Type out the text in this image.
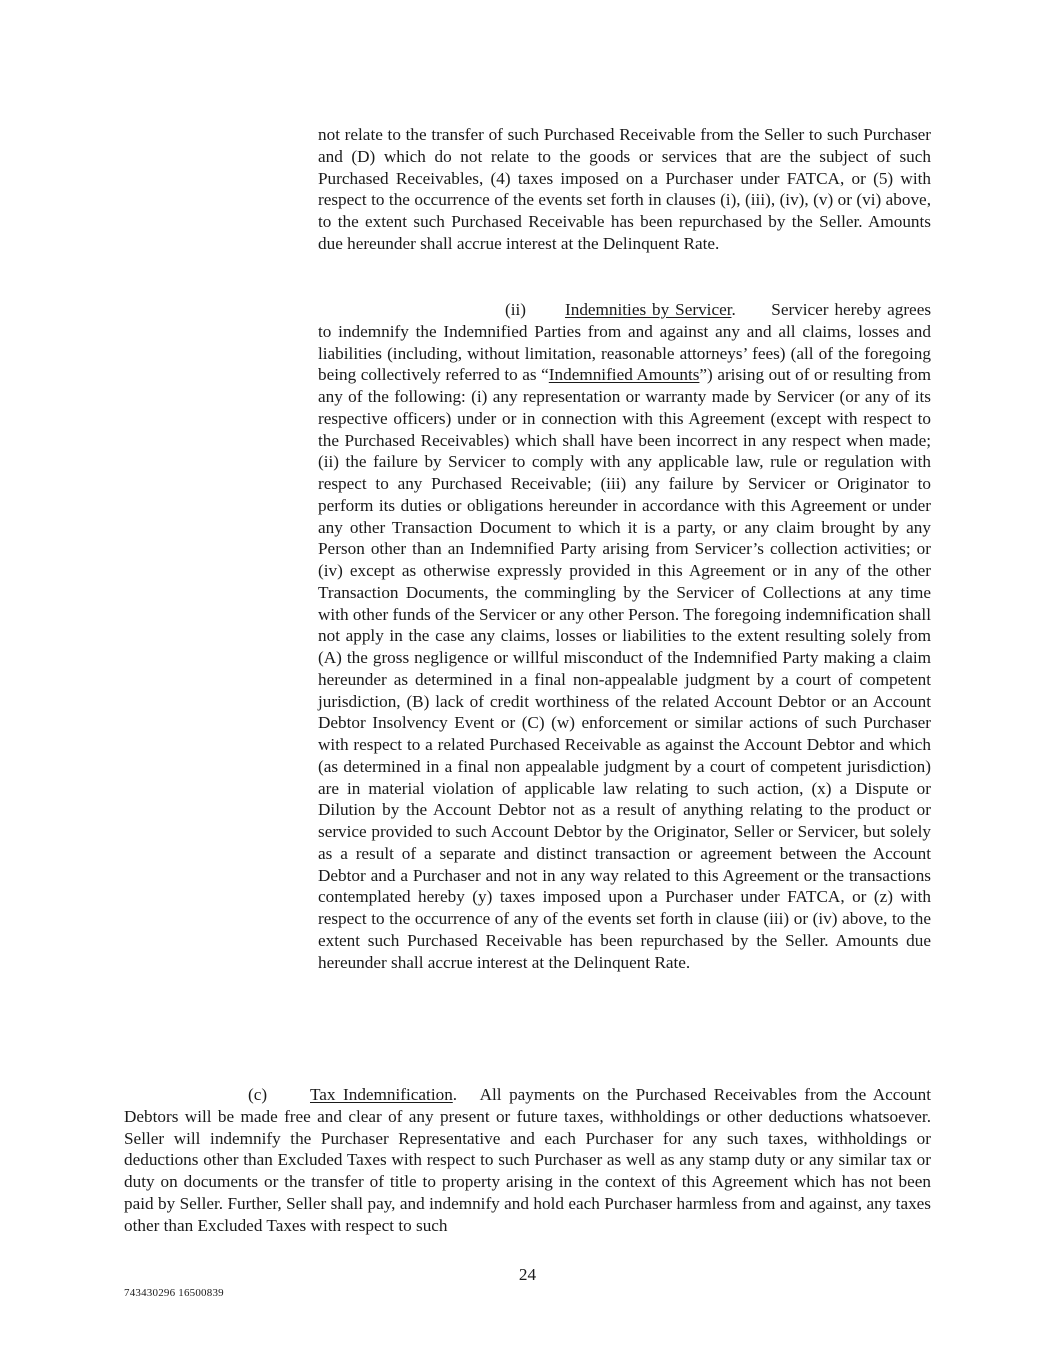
not relate to the transfer of such Purchased Receivable from the Seller to such Purchaser and (D) which do not relate to the goods or services that are the subject of such Purchased Receivables, (4) taxes imposed on a Purchaser under FATCA, or (5) with respect to the occurrence of the events set forth in clauses (i), (iii), (iv), (v) or (vi) above, to the extent such Purchased Receivable has been repurchased by the Seller. Amounts due hereunder shall accrue interest at the Delinquent Rate.

(ii) Indemnities by Servicer.      Servicer hereby agrees to indemnify the Indemnified Parties from and against any and all claims, losses and liabilities (including, without limitation, reasonable attorneys’ fees) (all of the foregoing being collectively referred to as “Indemnified Amounts”) arising out of or resulting from any of the following: (i) any representation or warranty made by Servicer (or any of its respective officers) under or in connection with this Agreement (except with respect to the Purchased Receivables) which shall have been incorrect in any respect when made; (ii) the failure by Servicer to comply with any applicable law, rule or regulation with respect to any Purchased Receivable; (iii) any failure by Servicer or Originator to perform its duties or obligations hereunder in accordance with this Agreement or under any other Transaction Document to which it is a party, or any claim brought by any Person other than an Indemnified Party arising from Servicer’s collection activities; or (iv) except as otherwise expressly provided in this Agreement or in any of the other Transaction Documents, the commingling by the Servicer of Collections at any time with other funds of the Servicer or any other Person. The foregoing indemnification shall not apply in the case any claims, losses or liabilities to the extent resulting solely from (A) the gross negligence or willful misconduct of the Indemnified Party making a claim hereunder as determined in a final non-appealable judgment by a court of competent jurisdiction, (B) lack of credit worthiness of the related Account Debtor or an Account Debtor Insolvency Event or (C) (w) enforcement or similar actions of such Purchaser with respect to a related Purchased Receivable as against the Account Debtor and which (as determined in a final non appealable judgment by a court of competent jurisdiction) are in material violation of applicable law relating to such action, (x) a Dispute or Dilution by the Account Debtor not as a result of anything relating to the product or service provided to such Account Debtor by the Originator, Seller or Servicer, but solely as a result of a separate and distinct transaction or agreement between the Account Debtor and a Purchaser and not in any way related to this Agreement or the transactions contemplated hereby (y) taxes imposed upon a Purchaser under FATCA, or (z) with respect to the occurrence of any of the events set forth in clause (iii) or (iv) above, to the extent such Purchased Receivable has been repurchased by the Seller. Amounts due hereunder shall accrue interest at the Delinquent Rate.

(c) Tax Indemnification.   All payments on the Purchased Receivables from the Account Debtors will be made free and clear of any present or future taxes, withholdings or other deductions whatsoever. Seller will indemnify the Purchaser Representative and each Purchaser for any such taxes, withholdings or deductions other than Excluded Taxes with respect to such Purchaser as well as any stamp duty or any similar tax or duty on documents or the transfer of title to property arising in the context of this Agreement which has not been paid by Seller. Further, Seller shall pay, and indemnify and hold each Purchaser harmless from and against, any taxes other than Excluded Taxes with respect to such

24
743430296 16500839
